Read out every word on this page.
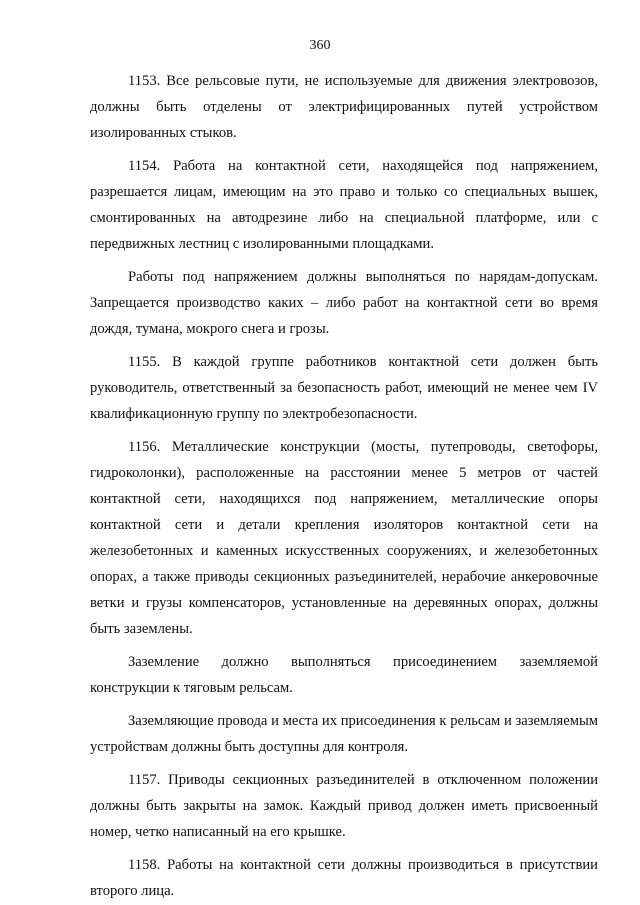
360

1153. Все рельсовые пути, не используемые для движения электровозов, должны быть отделены от электрифицированных путей устройством изолированных стыков.

1154. Работа на контактной сети, находящейся под напряжением, разрешается лицам, имеющим на это право и только со специальных вышек, смонтированных на автодрезине либо на специальной платформе, или с передвижных лестниц с изолированными площадками.

Работы под напряжением должны выполняться по нарядам-допускам. Запрещается производство каких – либо работ на контактной сети во время дождя, тумана, мокрого снега и грозы.

1155. В каждой группе работников контактной сети должен быть руководитель, ответственный за безопасность работ, имеющий не менее чем IV квалификационную группу по электробезопасности.

1156. Металлические конструкции (мосты, путепроводы, светофоры, гидроколонки), расположенные на расстоянии менее 5 метров от частей контактной сети, находящихся под напряжением, металлические опоры контактной сети и детали крепления изоляторов контактной сети на железобетонных и каменных искусственных сооружениях, и железобетонных опорах, а также приводы секционных разъединителей, нерабочие анкеровочные ветки и грузы компенсаторов, установленные на деревянных опорах, должны быть заземлены.

Заземление должно выполняться присоединением заземляемой конструкции к тяговым рельсам.

Заземляющие провода и места их присоединения к рельсам и заземляемым устройствам должны быть доступны для контроля.

1157. Приводы секционных разъединителей в отключенном положении должны быть закрыты на замок. Каждый привод должен иметь присвоенный номер, четко написанный на его крышке.

1158. Работы на контактной сети должны производиться в присутствии второго лица.
